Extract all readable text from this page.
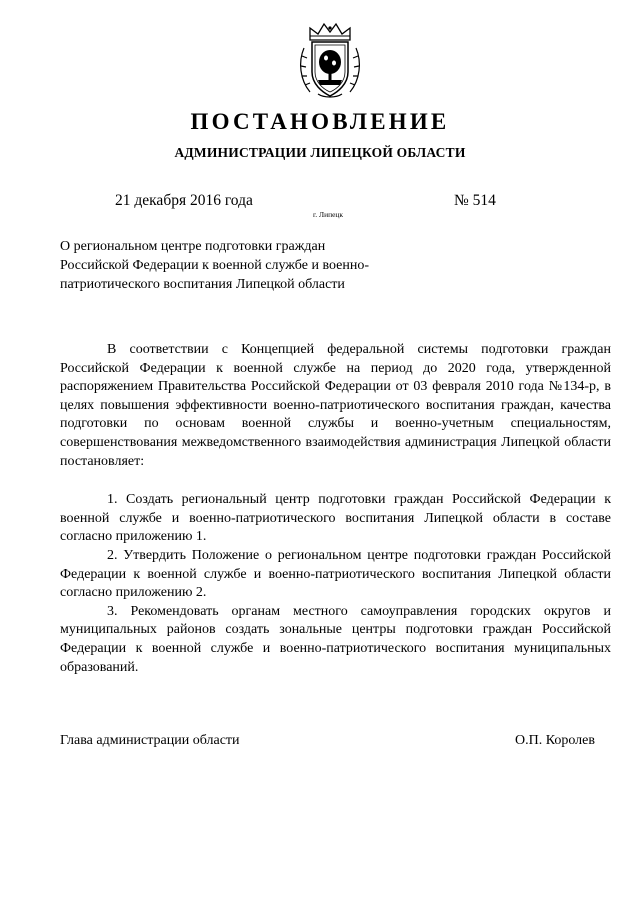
ПОСТАНОВЛЕНИЕ
АДМИНИСТРАЦИИ ЛИПЕЦКОЙ ОБЛАСТИ
21 декабря 2016 года
г. Липецк
№ 514
О региональном центре подготовки граждан Российской Федерации к военной службе и военно-патриотического воспитания Липецкой области

В соответствии с Концепцией федеральной системы подготовки граждан Российской Федерации к военной службе на период до 2020 года, утвержденной распоряжением Правительства Российской Федерации от 03 февраля 2010 года №134-р, в целях повышения эффективности военно-патриотического воспитания граждан, качества подготовки по основам военной службы и военно-учетным специальностям, совершенствования межведомственного взаимодействия администрация Липецкой области постановляет:

1. Создать региональный центр подготовки граждан Российской Федерации к военной службе и военно-патриотического воспитания Липецкой области в составе согласно приложению 1.

2. Утвердить Положение о региональном центре подготовки граждан Российской Федерации к военной службе и военно-патриотического воспитания Липецкой области согласно приложению 2.

3. Рекомендовать органам местного самоуправления городских округов и муниципальных районов создать зональные центры подготовки граждан Российской Федерации к военной службе и военно-патриотического воспитания муниципальных образований.

Глава администрации области	О.П. Королев
